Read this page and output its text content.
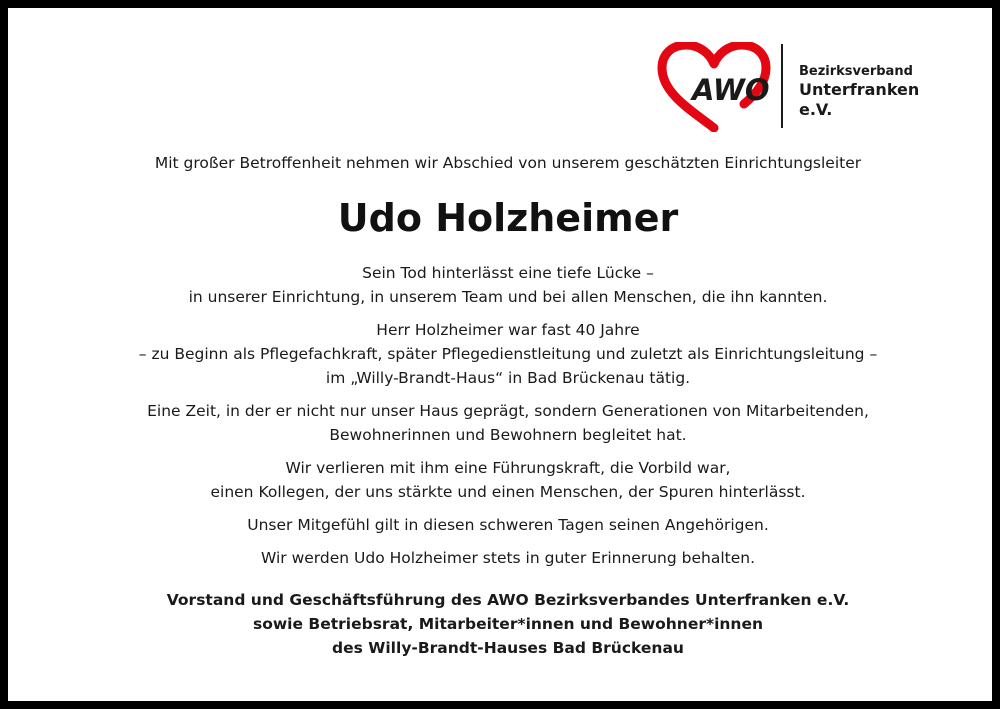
AWO
Bezirksverband
Unterfranken e.V.

Mit großer Betroffenheit nehmen wir Abschied von unserem geschätzten Einrichtungsleiter

Udo Holzheimer
Sein Tod hinterlässt eine tiefe Lücke –
in unserer Einrichtung, in unserem Team und bei allen Menschen, die ihn kannten.
Herr Holzheimer war fast 40 Jahre
– zu Beginn als Pflegefachkraft, später Pflegedienstleitung und zuletzt als Einrichtungsleitung –
im „Willy-Brandt-Haus“ in Bad Brückenau tätig.
Eine Zeit, in der er nicht nur unser Haus geprägt, sondern Generationen von Mitarbeitenden,
Bewohnerinnen und Bewohnern begleitet hat.
Wir verlieren mit ihm eine Führungskraft, die Vorbild war,
einen Kollegen, der uns stärkte und einen Menschen, der Spuren hinterlässt.
Unser Mitgefühl gilt in diesen schweren Tagen seinen Angehörigen.
Wir werden Udo Holzheimer stets in guter Erinnerung behalten.
Vorstand und Geschäftsführung des AWO Bezirksverbandes Unterfranken e.V.
sowie Betriebsrat, Mitarbeiter*innen und Bewohner*innen
des Willy-Brandt-Hauses Bad Brückenau
